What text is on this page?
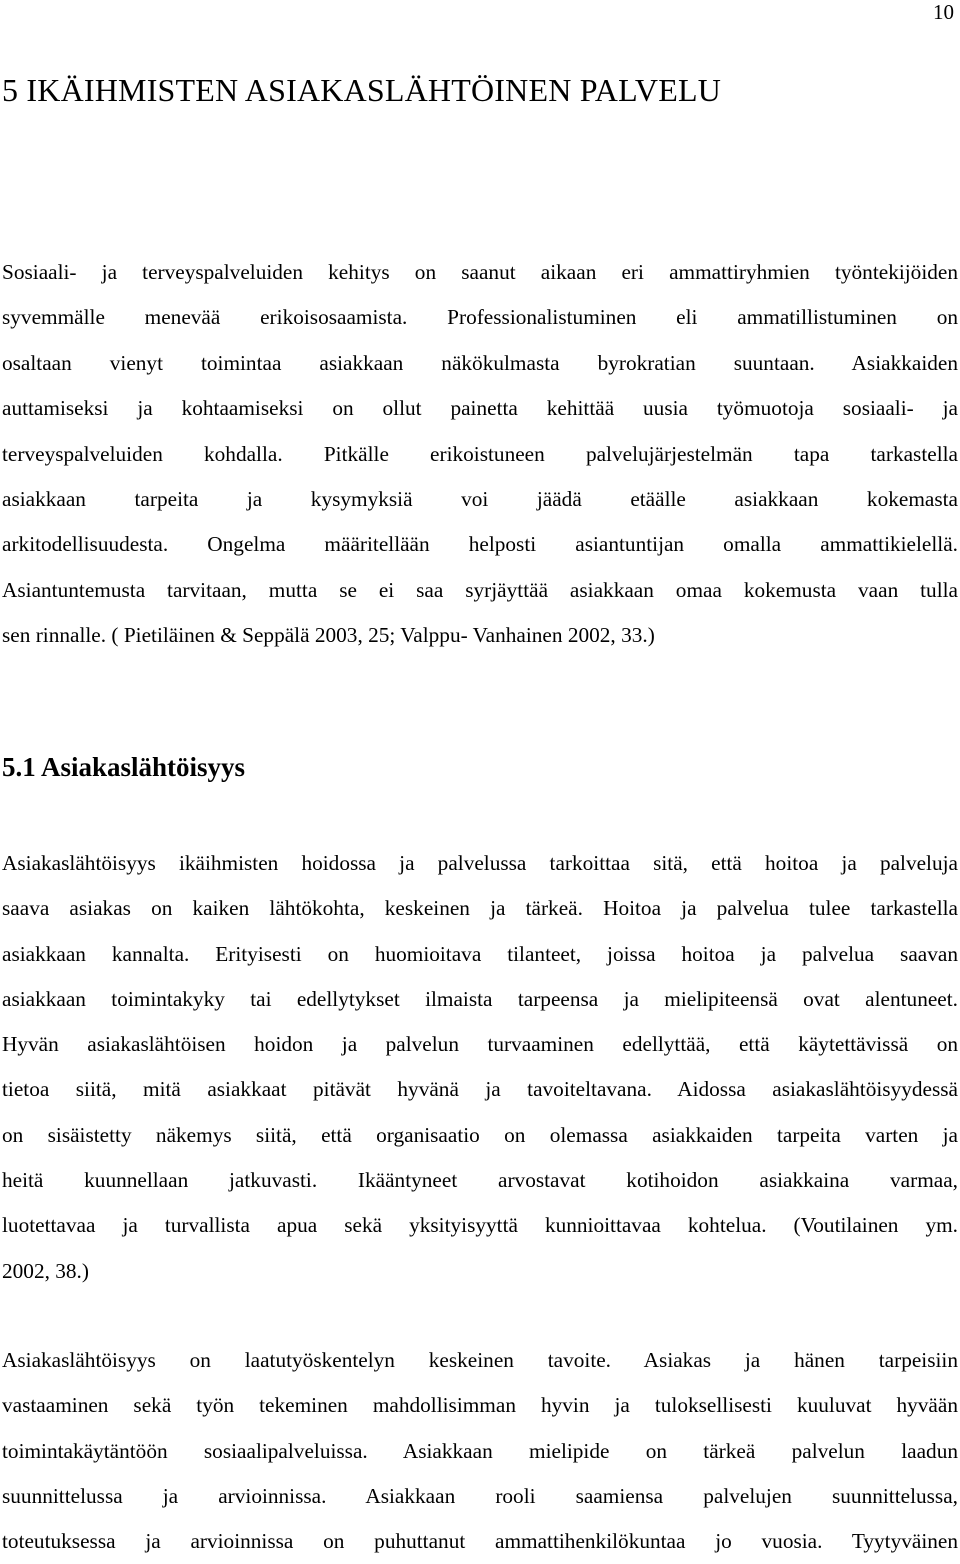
10
5 IKÄIHMISTEN ASIAKASLÄHTÖINEN PALVELU

Sosiaali- ja terveyspalveluiden kehitys on saanut aikaan eri ammattiryhmien työntekijöiden
syvemmälle menevää erikoisosaamista. Professionalistuminen eli ammatillistuminen on
osaltaan vienyt toimintaa asiakkaan näkökulmasta byrokratian suuntaan. Asiakkaiden
auttamiseksi ja kohtaamiseksi on ollut painetta kehittää uusia työmuotoja sosiaali- ja
terveyspalveluiden kohdalla. Pitkälle erikoistuneen palvelujärjestelmän tapa tarkastella
asiakkaan tarpeita ja kysymyksiä voi jäädä etäälle asiakkaan kokemasta
arkitodellisuudesta. Ongelma määritellään helposti asiantuntijan omalla ammattikielellä.
Asiantuntemusta tarvitaan, mutta se ei saa syrjäyttää asiakkaan omaa kokemusta vaan tulla
sen rinnalle. ( Pietiläinen & Seppälä 2003, 25; Valppu- Vanhainen 2002, 33.)

5.1 Asiakaslähtöisyys

Asiakaslähtöisyys ikäihmisten hoidossa ja palvelussa tarkoittaa sitä, että hoitoa ja palveluja
saava asiakas on kaiken lähtökohta, keskeinen ja tärkeä. Hoitoa ja palvelua tulee tarkastella
asiakkaan kannalta. Erityisesti on huomioitava tilanteet, joissa hoitoa ja palvelua saavan
asiakkaan toimintakyky tai edellytykset ilmaista tarpeensa ja mielipiteensä ovat alentuneet.
Hyvän asiakaslähtöisen hoidon ja palvelun turvaaminen edellyttää, että käytettävissä on
tietoa siitä, mitä asiakkaat pitävät hyvänä ja tavoiteltavana. Aidossa asiakaslähtöisyydessä
on sisäistetty näkemys siitä, että organisaatio on olemassa asiakkaiden tarpeita varten ja
heitä kuunnellaan jatkuvasti. Ikääntyneet arvostavat kotihoidon asiakkaina varmaa,
luotettavaa ja turvallista apua sekä yksityisyyttä kunnioittavaa kohtelua. (Voutilainen ym.
2002, 38.)

Asiakaslähtöisyys on laatutyöskentelyn keskeinen tavoite. Asiakas ja hänen tarpeisiin
vastaaminen sekä työn tekeminen mahdollisimman hyvin ja tuloksellisesti kuuluvat hyvään
toimintakäytäntöön sosiaalipalveluissa. Asiakkaan mielipide on tärkeä palvelun laadun
suunnittelussa ja arvioinnissa. Asiakkaan rooli saamiensa palvelujen suunnittelussa,
toteutuksessa ja arvioinnissa on puhuttanut ammattihenkilökuntaa jo vuosia. Tyytyväinen
